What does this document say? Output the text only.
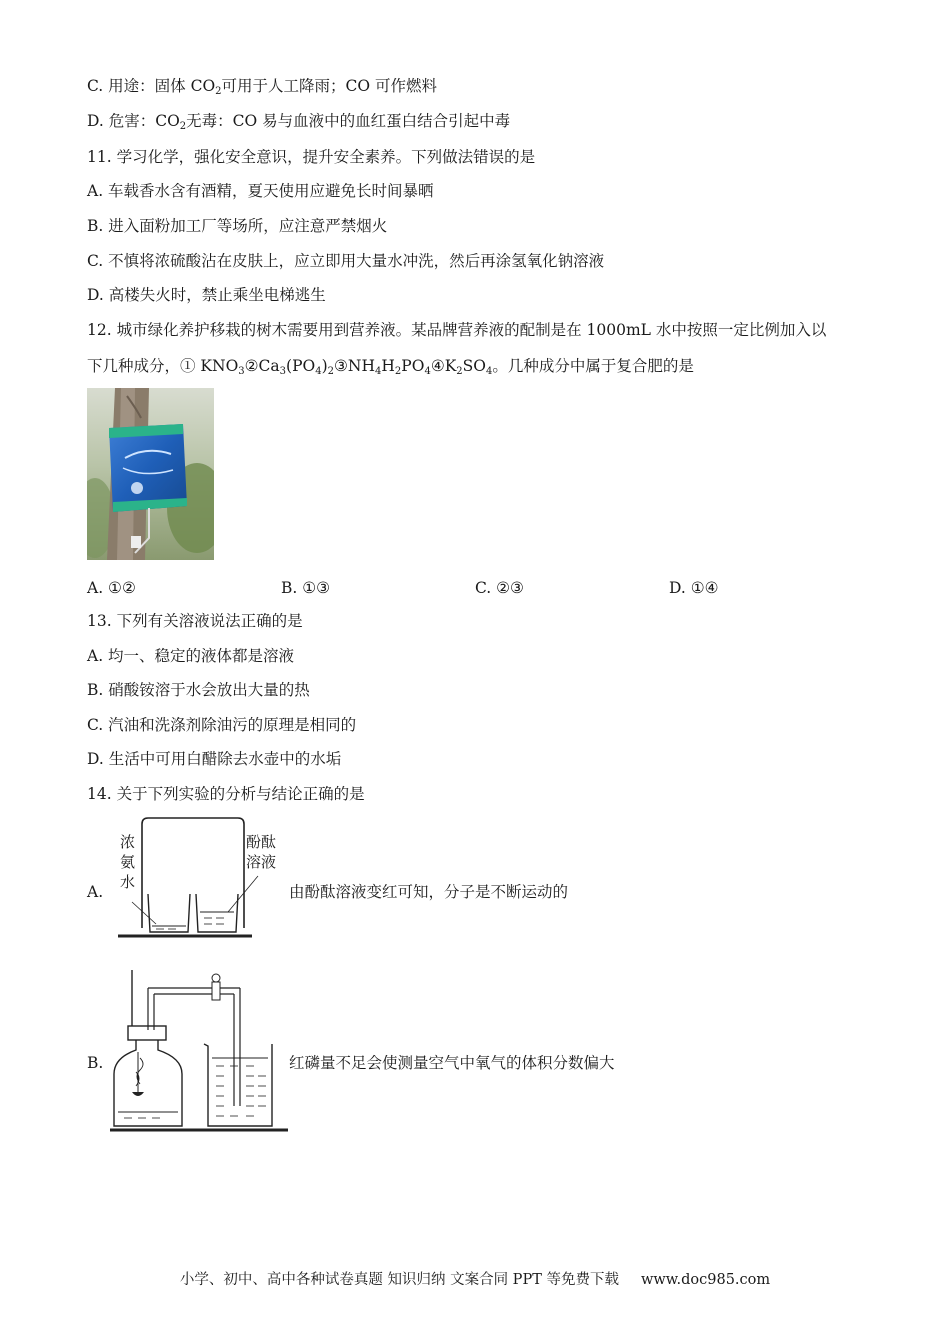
C. 用途：固体 $CO_2$可用于人工降雨；CO 可作燃料
D. 危害：$CO_2$无毒：CO 易与血液中的血红蛋白结合引起中毒
11. 学习化学，强化安全意识，提升安全素养。下列做法错误的是
A. 车载香水含有酒精，夏天使用应避免长时间暴晒
B. 进入面粉加工厂等场所，应注意严禁烟火
C. 不慎将浓硫酸沾在皮肤上，应立即用大量水冲洗，然后再涂氢氧化钠溶液
D. 高楼失火时，禁止乘坐电梯逃生
12. 城市绿化养护移栽的树木需要用到营养液。某品牌营养液的配制是在 1000mL 水中按照一定比例加入以
下几种成分，① $KNO_3②Ca_3(PO_4)_2③NH_4H_2PO_4④K_2SO_4$。几种成分中属于复合肥的是
A. ①②	B. ①③	C. ②③	D. ①④
13. 下列有关溶液说法正确的是
A. 均一、稳定的液体都是溶液
B. 硝酸铵溶于水会放出大量的热
C. 汽油和洗涤剂除油污的原理是相同的
D. 生活中可用白醋除去水壶中的水垢
14. 关于下列实验的分析与结论正确的是
A.
浓
氨
水
酚酞
溶液
由酚酞溶液变红可知，分子是不断运动的
B.	红磷量不足会使测量空气中氧气的体积分数偏大
小学、初中、高中各种试卷真题 知识归纳 文案合同 PPT 等免费下载 www.doc985.com
